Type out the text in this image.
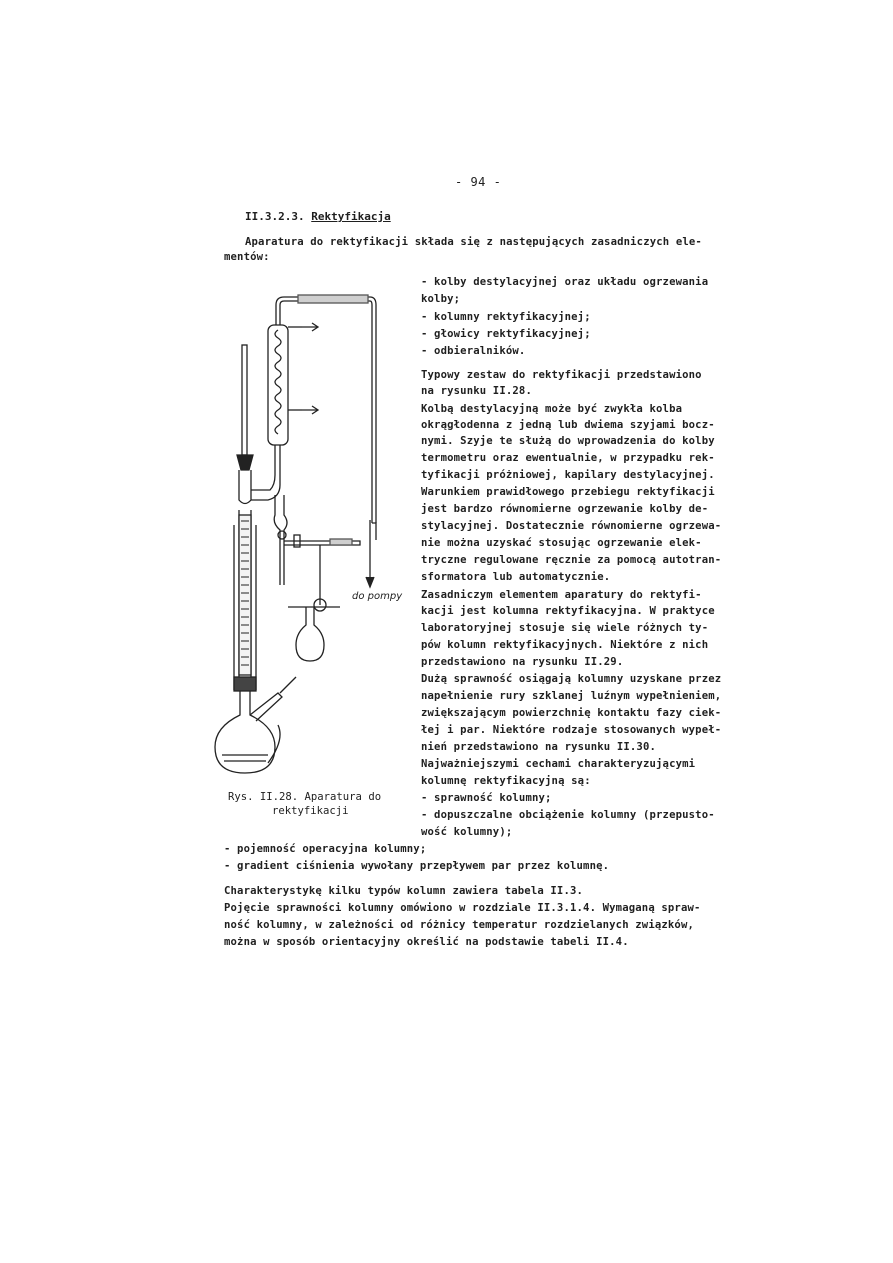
- 94 -
II.3.2.3. Rektyfikacja
Aparatura do rektyfikacji składa się z następujących zasadniczych ele-
mentów:
- kolby destylacyjnej oraz układu ogrzewania
kolby;
- kolumny rektyfikacyjnej;
- głowicy rektyfikacyjnej;
- odbieralników.
Typowy zestaw do rektyfikacji przedstawiono
na rysunku II.28.
Kolbą destylacyjną może być zwykła kolba
okrągłodenna z jedną lub dwiema szyjami bocz-
nymi. Szyje te służą do wprowadzenia do kolby
termometru oraz ewentualnie, w przypadku rek-
tyfikacji próżniowej, kapilary destylacyjnej.
Warunkiem prawidłowego przebiegu rektyfikacji
jest bardzo równomierne ogrzewanie kolby de-
stylacyjnej. Dostatecznie równomierne ogrzewa-
nie można uzyskać stosując ogrzewanie elek-
tryczne regulowane ręcznie za pomocą autotran-
sformatora lub automatycznie.
Zasadniczym elementem aparatury do rektyfi-
kacji jest kolumna rektyfikacyjna. W praktyce
laboratoryjnej stosuje się wiele różnych ty-
pów kolumn rektyfikacyjnych. Niektóre z nich
przedstawiono na rysunku II.29.
Dużą sprawność osiągają kolumny uzyskane przez
napełnienie rury szklanej luźnym wypełnieniem,
zwiększającym powierzchnię kontaktu fazy ciek-
łej i par. Niektóre rodzaje stosowanych wypeł-
nień przedstawiono na rysunku II.30.
Najważniejszymi cechami charakteryzującymi
kolumnę rektyfikacyjną są:
- sprawność kolumny;
- dopuszczalne obciążenie kolumny (przepusto-
wość kolumny);
- pojemność operacyjna kolumny;
- gradient ciśnienia wywołany przepływem par przez kolumnę.
Charakterystykę kilku typów kolumn zawiera tabela II.3.
Pojęcie sprawności kolumny omówiono w rozdziale II.3.1.4. Wymaganą spraw-
ność kolumny, w zależności od różnicy temperatur rozdzielanych związków,
można w sposób orientacyjny określić na podstawie tabeli II.4.
Rys. II.28. Aparatura do
rektyfikacji
do pompy
